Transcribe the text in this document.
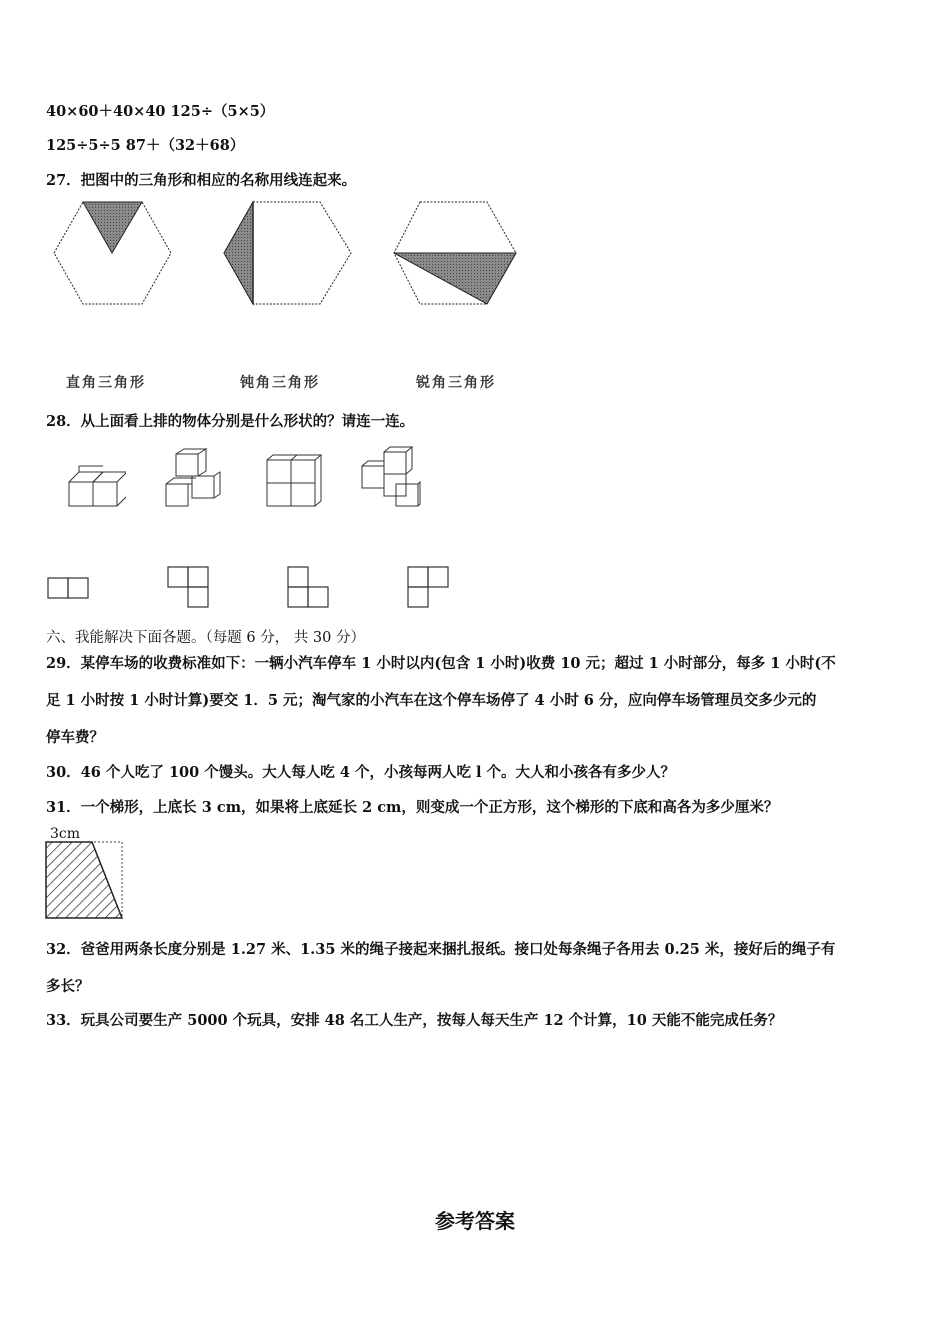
40×60＋40×40 125÷（5×5）
125÷5÷5 87＋（32＋68）
27．把图中的三角形和相应的名称用线连起来。
直角三角形	钝角三角形	锐角三角形
28．从上面看上排的物体分别是什么形状的？请连一连。
六、我能解决下面各题。（每题 6 分， 共 30 分）
29．某停车场的收费标准如下：一辆小汽车停车 1 小时以内(包含 1 小时)收费 10 元；超过 1 小时部分，每多 1 小时(不
足 1 小时按 1 小时计算)要交 1．5 元；淘气家的小汽车在这个停车场停了 4 小时 6 分，应向停车场管理员交多少元的
停车费？
30．46 个人吃了 100 个馒头。大人每人吃 4 个，小孩每两人吃 l 个。大人和小孩各有多少人？
31．一个梯形，上底长 3 cm，如果将上底延长 2 cm，则变成一个正方形，这个梯形的下底和高各为多少厘米？
3cm
32．爸爸用两条长度分别是 1.27 米、1.35 米的绳子接起来捆扎报纸。接口处每条绳子各用去 0.25 米，接好后的绳子有
多长？
33．玩具公司要生产 5000 个玩具，安排 48 名工人生产，按每人每天生产 12 个计算，10 天能不能完成任务？
参考答案
